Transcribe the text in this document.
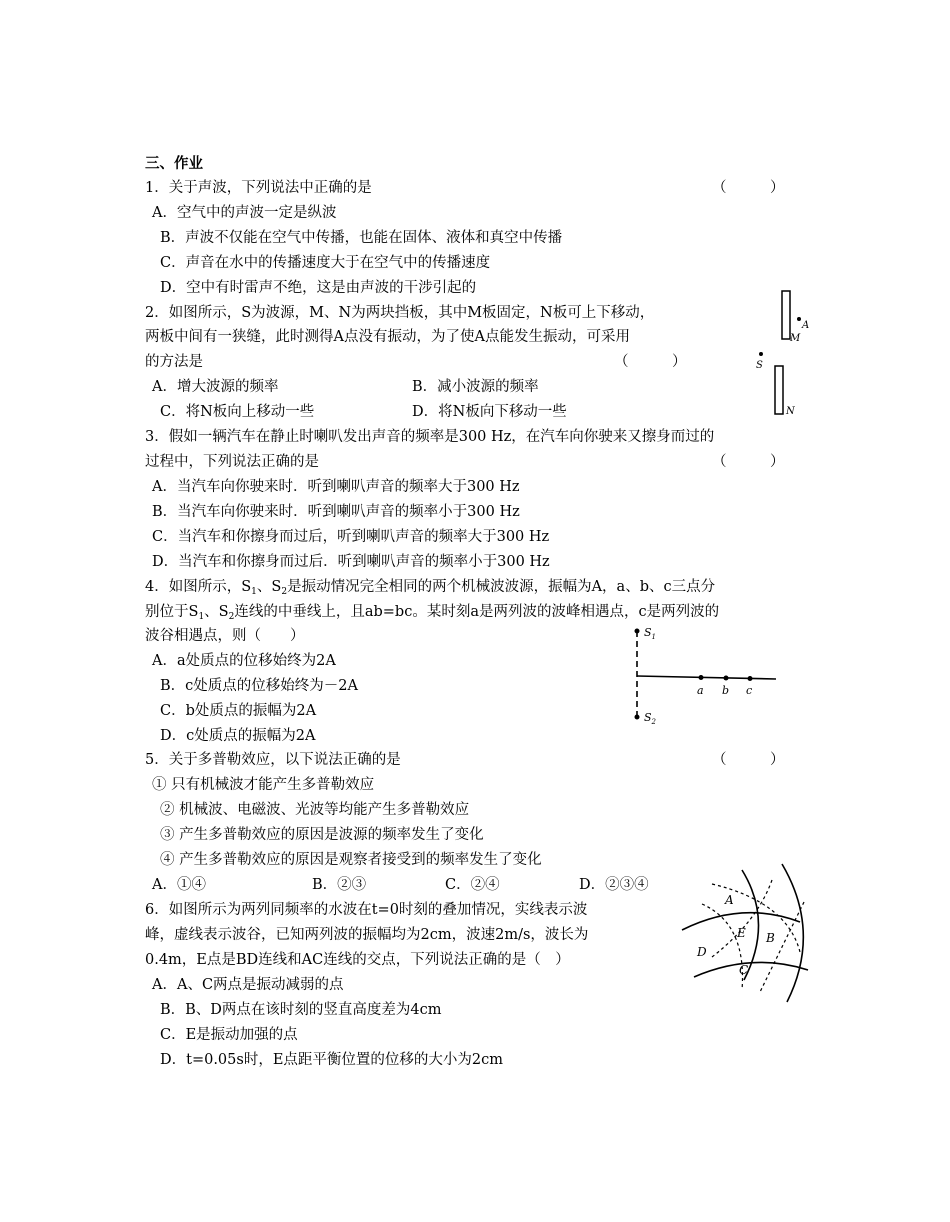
三、作业
1．关于声波，下列说法中正确的是	（　　　）
A．空气中的声波一定是纵波
B．声波不仅能在空气中传播，也能在固体、液体和真空中传播
C．声音在水中的传播速度大于在空气中的传播速度
D．空中有时雷声不绝，这是由声波的干涉引起的
2．如图所示，S为波源，M、N为两块挡板，其中M板固定，N板可上下移动，
两板中间有一狭缝，此时测得A点没有振动，为了使A点能发生振动，可采用
的方法是	（　　　）
A．增大波源的频率	B．减小波源的频率
C．将N板向上移动一些	D．将N板向下移动一些
A
M
S
N
3．假如一辆汽车在静止时喇叭发出声音的频率是300 Hz，在汽车向你驶来又擦身而过的
过程中，下列说法正确的是	（　　　）
A．当汽车向你驶来时．听到喇叭声音的频率大于300 Hz
B．当汽车向你驶来时．听到喇叭声音的频率小于300 Hz
C．当汽车和你擦身而过后，听到喇叭声音的频率大于300 Hz
D．当汽车和你擦身而过后．听到喇叭声音的频率小于300 Hz
4．如图所示，$S_1$、$S_2$是振动情况完全相同的两个机械波波源，振幅为A，a、b、c三点分
别位于$S_1$、$S_2$连线的中垂线上，且ab=bc。某时刻a是两列波的波峰相遇点，c是两列波的
波谷相遇点，则（　　）
A．a处质点的位移始终为2A
B．c处质点的位移始终为－2A
C．b处质点的振幅为2A
D．c处质点的振幅为2A
$S_1$
$S_2$
a b c
5．关于多普勒效应，以下说法正确的是	（　　　）
① 只有机械波才能产生多普勒效应
② 机械波、电磁波、光波等均能产生多普勒效应
③ 产生多普勒效应的原因是波源的频率发生了变化
④ 产生多普勒效应的原因是观察者接受到的频率发生了变化
A．①④	B．②③	C．②④	D．②③④
6．如图所示为两列同频率的水波在t=0时刻的叠加情况，实线表示波
峰，虚线表示波谷，已知两列波的振幅均为2cm，波速2m/s，波长为
0.4m，E点是BD连线和AC连线的交点，下列说法正确的是（　）
A．A、C两点是振动减弱的点
B．B、D两点在该时刻的竖直高度差为4cm
C．E是振动加强的点
D．t=0.05s时，E点距平衡位置的位移的大小为2cm
A
E B
D
C
